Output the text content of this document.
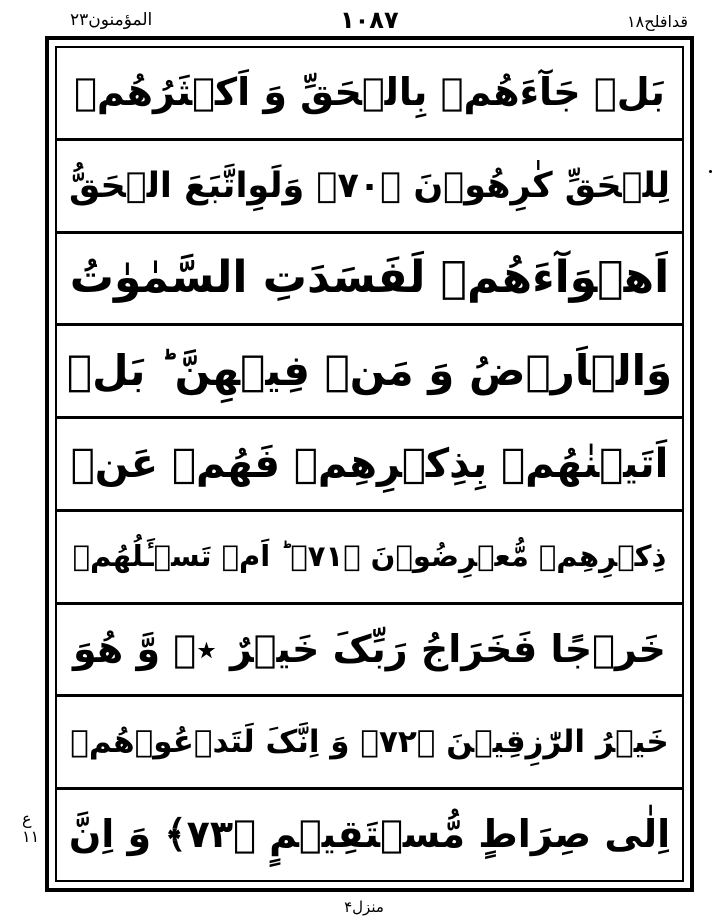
المؤمنون۲۳	۱۰۸۷	قدافلح۱۸
بَلۡ جَآءَهُمۡ بِالۡحَقِّ وَ اَکۡثَرُهُمۡ
لِلۡحَقِّ کٰرِهُوۡنَ ﴿۷۰﴾ وَلَوِاتَّبَعَ الۡحَقُّ
اَهۡوَآءَهُمۡ لَفَسَدَتِ السَّمٰوٰتُ
وَالۡاَرۡضُ وَ مَنۡ فِیۡهِنَّ ؕ بَلۡ
اَتَیۡنٰهُمۡ بِذِکۡرِهِمۡ فَهُمۡ عَنۡ
ذِکۡرِهِمۡ مُّعۡرِضُوۡنَ ﴿۷۱﴾ ؕ اَمۡ تَسۡـَٔلُهُمۡ
خَرۡجًا فَخَرَاجُ رَبِّکَ خَیۡرٌ ٭ۖ وَّ هُوَ
خَیۡرُ الرّٰزِقِیۡنَ ﴿۷۲﴾ وَ اِنَّکَ لَتَدۡعُوۡهُمۡ
اِلٰی صِرَاطٍ مُّسۡتَقِیۡمٍ ﴿۷۳﴾ وَ اِنَّ
ع
۱۱
منزل۴
